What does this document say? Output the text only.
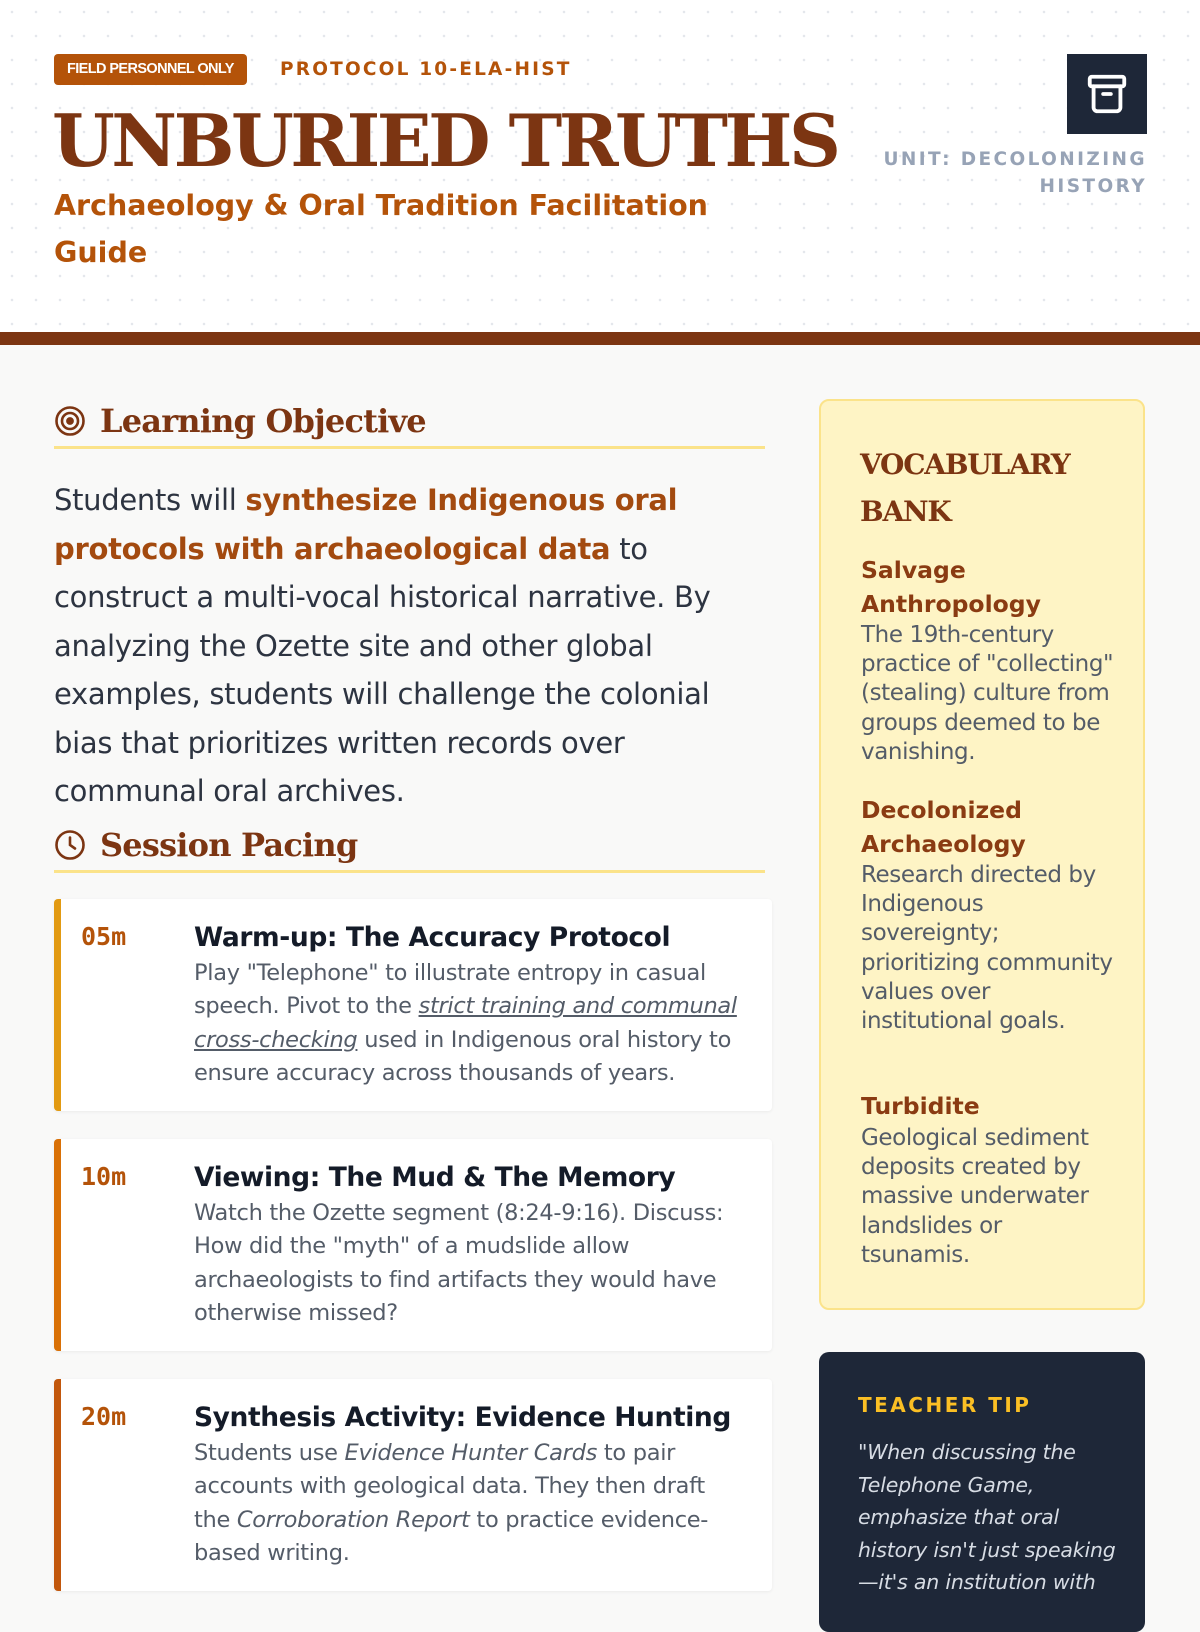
FIELD PERSONNEL ONLY	PROTOCOL 10-ELA-HIST
UNBURIED TRUTHS

Archaeology & Oral Tradition Facilitation Guide

UNIT: DECOLONIZING HISTORY
Learning Objective

Students will synthesize Indigenous oral protocols with archaeological data to construct a multi-vocal historical narrative. By analyzing the Ozette site and other global examples, students will challenge the colonial bias that prioritizes written records over communal oral archives.

Session Pacing
05m	Warm-up: The Accuracy Protocol

Play "Telephone" to illustrate entropy in casual speech. Pivot to the strict training and communal cross-checking used in Indigenous oral history to ensure accuracy across thousands of years.

10m	Viewing: The Mud & The Memory

Watch the Ozette segment (8:24-9:16). Discuss: How did the "myth" of a mudslide allow archaeologists to find artifacts they would have otherwise missed?

20m	Synthesis Activity: Evidence Hunting

Students use Evidence Hunter Cards to pair accounts with geological data. They then draft the Corroboration Report to practice evidence-based writing.

VOCABULARY BANK

Salvage Anthropology

The 19th-century practice of "collecting" (stealing) culture from groups deemed to be vanishing.

Decolonized Archaeology

Research directed by Indigenous sovereignty; prioritizing community values over institutional goals.

Turbidite

Geological sediment deposits created by massive underwater landslides or tsunamis.

TEACHER TIP

"When discussing the Telephone Game, emphasize that oral history isn't just speaking—it's an institution with
